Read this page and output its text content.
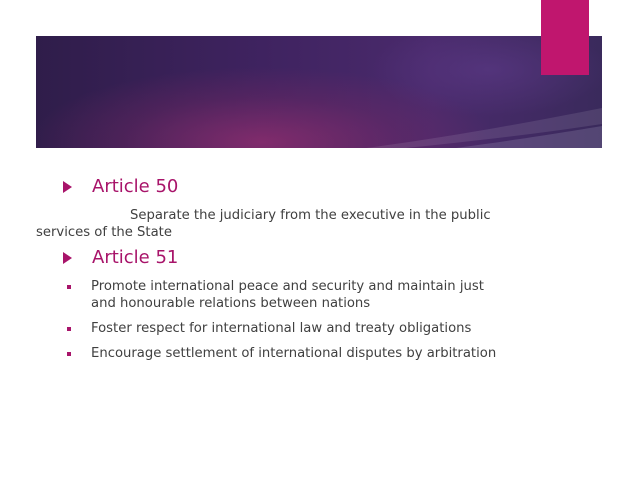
Article 50
Separate the judiciary from the executive in the public
services of the State
Article 51
Promote international peace and security and maintain just and honourable relations between nations
Foster respect for international law and treaty obligations
Encourage settlement of international disputes by arbitration
